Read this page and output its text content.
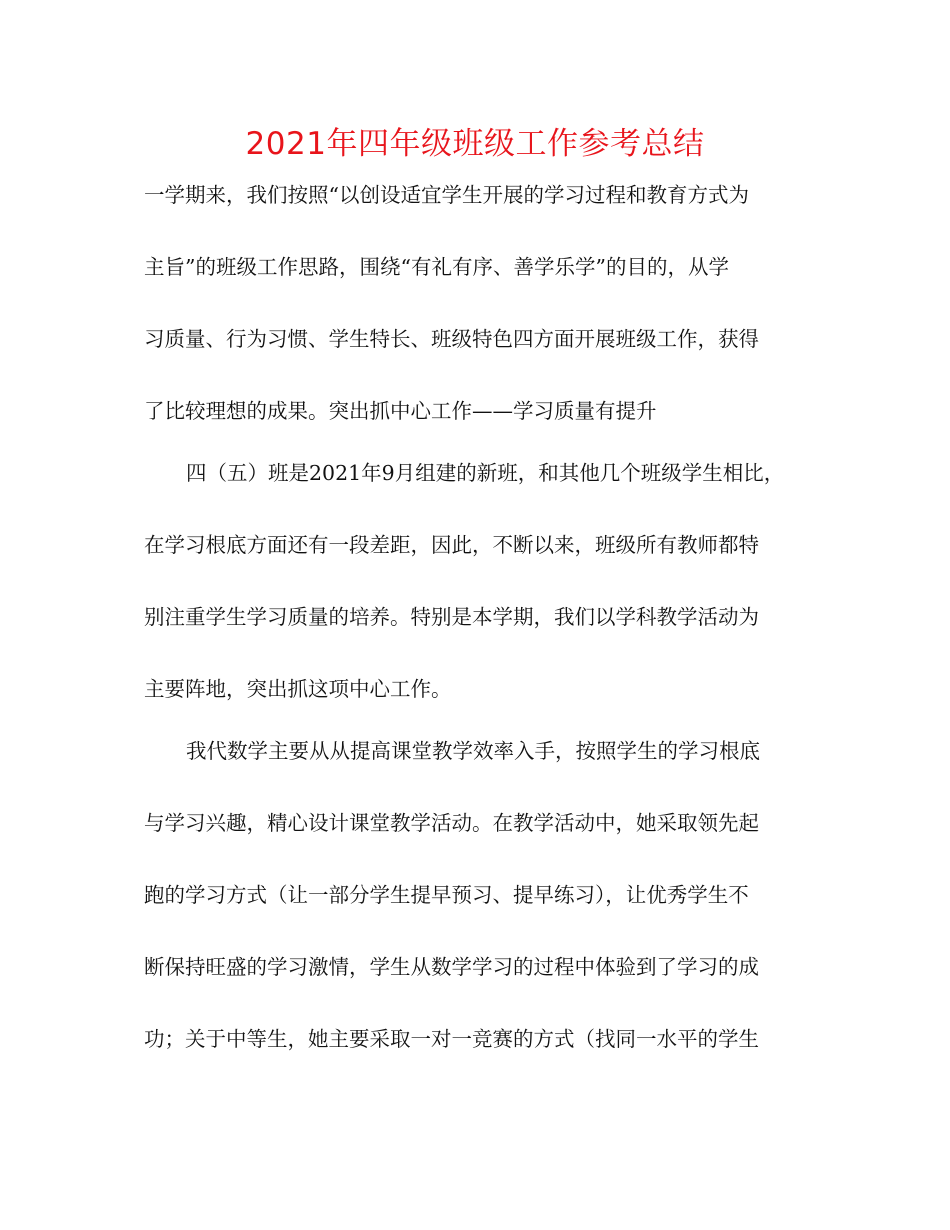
2021年四年级班级工作参考总结

一学期来，我们按照“以创设适宜学生开展的学习过程和教育方式为

主旨”的班级工作思路，围绕“有礼有序、善学乐学”的目的，从学

习质量、行为习惯、学生特长、班级特色四方面开展班级工作，获得

了比较理想的成果。突出抓中心工作——学习质量有提升

四（五）班是2021年9月组建的新班，和其他几个班级学生相比，

在学习根底方面还有一段差距，因此，不断以来，班级所有教师都特

别注重学生学习质量的培养。特别是本学期，我们以学科教学活动为

主要阵地，突出抓这项中心工作。

我代数学主要从从提高课堂教学效率入手，按照学生的学习根底

与学习兴趣，精心设计课堂教学活动。在教学活动中，她采取领先起

跑的学习方式（让一部分学生提早预习、提早练习），让优秀学生不

断保持旺盛的学习激情，学生从数学学习的过程中体验到了学习的成

功；关于中等生，她主要采取一对一竞赛的方式（找同一水平的学生
